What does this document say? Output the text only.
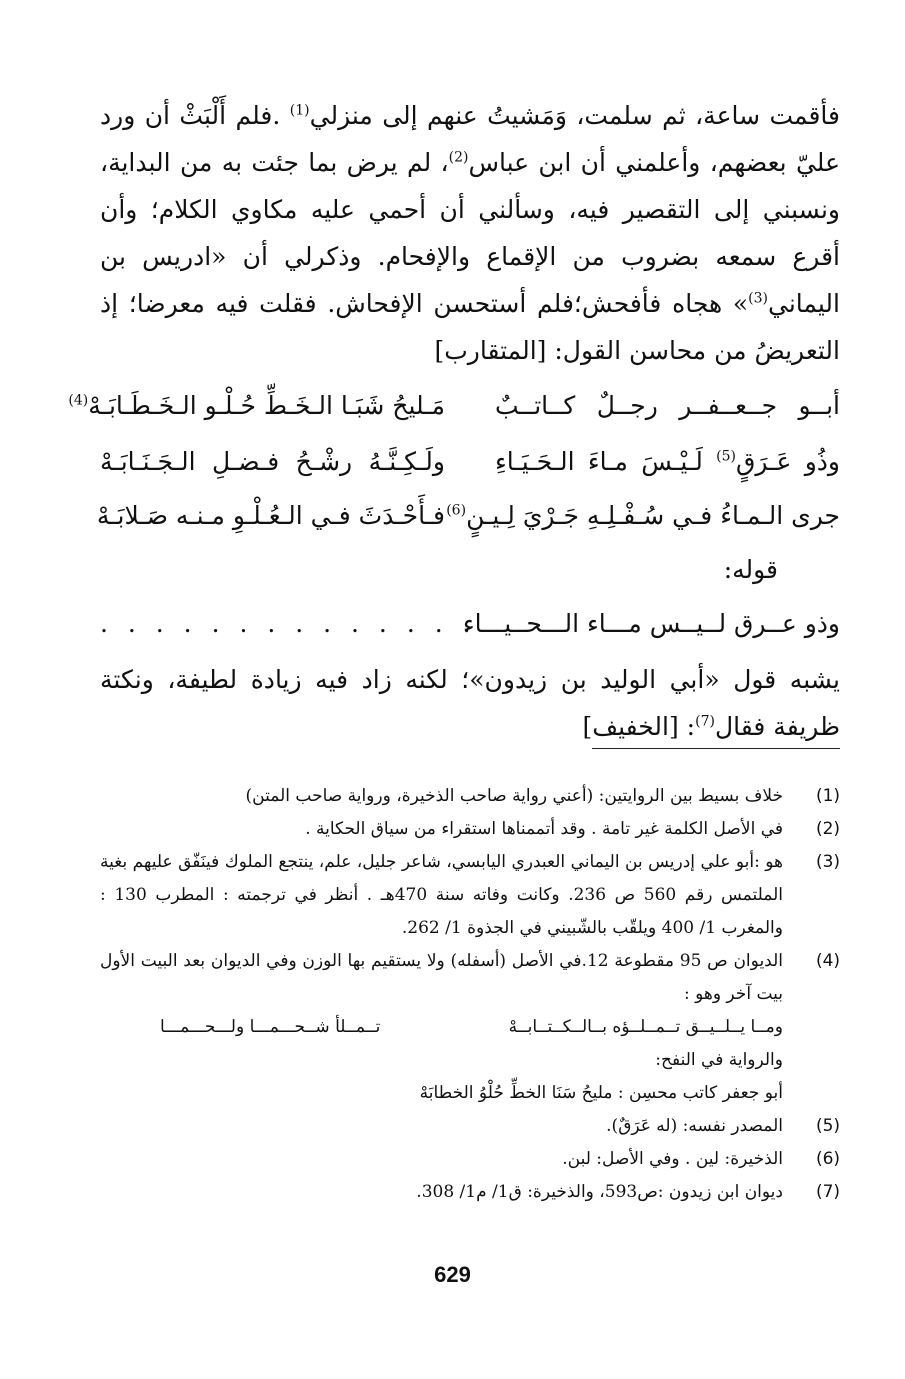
فأقمت ساعة، ثم سلمت، وَمَشيتُ عنهم إلى منزلي$^{(1)}$ .فلم أَلْبَثْ أن ورد عليّ بعضهم، وأعلمني أن ابن عباس$^{(2)}$، لم يرض بما جئت به من البداية، ونسبني إلى التقصير فيه، وسألني أن أحمي عليه مكاوي الكلام؛ وأن أقرع سمعه بضروب من الإقماع والإفحام. وذكرلي أن «ادريس بن اليماني$^{(3)}$» هجاه فأفحش؛فلم أستحسن الإفحاش. فقلت فيه معرضا؛ إذ التعريضُ من محاسن القول: [المتقارب]

أبــو جــعــفــر رجــلٌ كــاتــبٌ
مَـليحُ شَبَـا الـخَـطِّ حُـلْـو الـخَـطَـابَـهْ$^{(4)}$
وذُو عَـرَقٍ$^{(5)}$ لَـيْـسَ مـاءَ الـحَـيَـاءِ
ولَـكِـنَّـهُ رشْـحُ فـضـلِ الـجَـنَـابَـهْ
جرى الـمـاءُ فـي سُـفْـلِـهِ جَـرْيَ لِـيـنٍ$^{(6)}$
فـأَحْـدَثَ فـي الـعُـلْـوِ مـنـه صَـلابَـهْ
قوله:
وذو عــرق لــيــس مـــاء الـــحــيـــاء
. . . . . . . . . . . . . .

يشبه قول «أبي الوليد بن زيدون»؛ لكنه زاد فيه زيادة لطيفة، ونكتة ظريفة فقال$^{(7)}$: [الخفيف]

(1)
خلاف بسيط بين الروايتين: (أعني رواية صاحب الذخيرة، ورواية صاحب المتن)
(2)
في الأصل الكلمة غير تامة . وقد أتممناها استقراء من سياق الحكاية .
(3)
هو :أبو علي إدريس بن اليماني العبدري اليابسي، شاعر جليل، علم، ينتجع الملوك فينَفّق عليهم بغية الملتمس رقم 560 ص 236. وكانت وفاته سنة 470هـ . أنظر في ترجمته : المطرب 130 : والمغرب 1/ 400 ويلقّب بالشّبيني في الجذوة 1/ 262.
(4)
الديوان ص 95 مقطوعة 12.في الأصل (أسفله) ولا يستقيم بها الوزن وفي الديوان بعد البيت الأول بيت آخر وهو :
تــمــلأ شــحـــمـــا ولـــحـــمـــا	ومــا يــلــيــق تــمــلــؤه بــالــكــتــابــهْ
والرواية في النفح:
أبو جعفر كاتب محسِن : مليحُ سَنَا الخطِّ حُلْوُ الخطابَهْ
(5)
المصدر نفسه: (له عَرَقٌ).
(6)
الذخيرة: لين . وفي الأصل: لبن.
(7)
ديوان ابن زيدون :ص593، والذخيرة: ق1/ م1/ 308.
629
